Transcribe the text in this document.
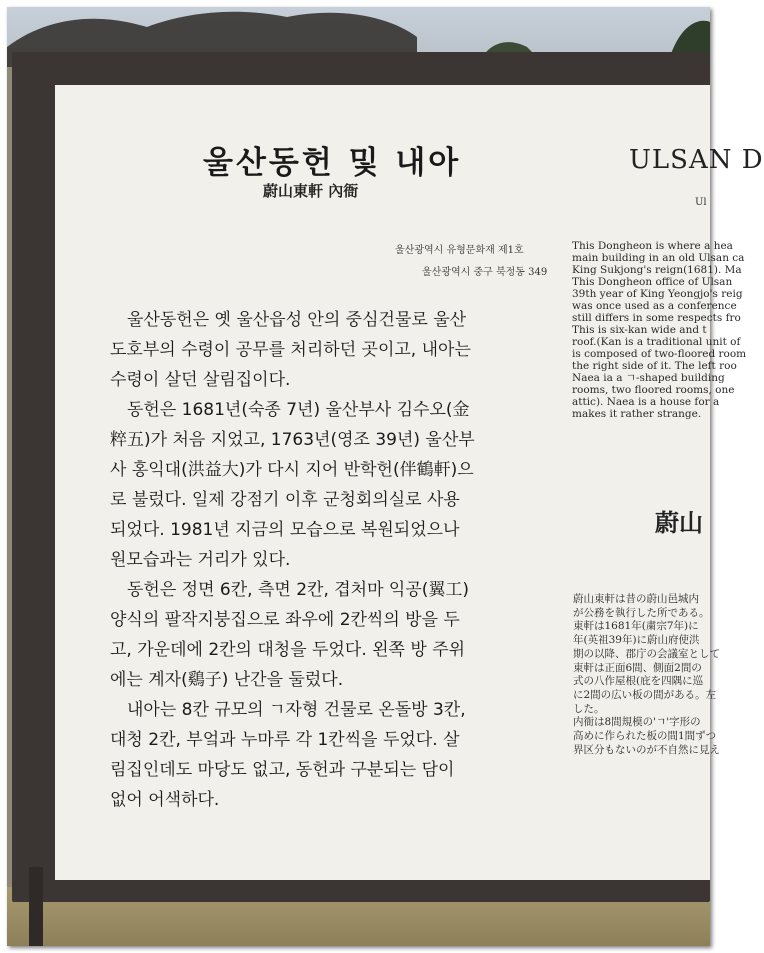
울산동헌 및 내아
蔚山東軒 內衙
울산광역시 유형문화재 제1호
울산광역시 중구 북정동 349

울산동헌은 옛 울산읍성 안의 중심건물로 울산

도호부의 수령이 공무를 처리하던 곳이고, 내아는

수령이 살던 살림집이다.

동헌은 1681년(숙종 7년) 울산부사 김수오(金

粹五)가 처음 지었고, 1763년(영조 39년) 울산부

사 홍익대(洪益大)가 다시 지어 반학헌(伴鶴軒)으

로 불렀다. 일제 강점기 이후 군청회의실로 사용

되었다. 1981년 지금의 모습으로 복원되었으나

원모습과는 거리가 있다.

동헌은 정면 6칸, 측면 2칸, 겹처마 익공(翼工)

양식의 팔작지붕집으로 좌우에 2칸씩의 방을 두

고, 가운데에 2칸의 대청을 두었다. 왼쪽 방 주위

에는 계자(鷄子) 난간을 둘렀다.

내아는 8칸 규모의 ㄱ자형 건물로 온돌방 3칸,

대청 2칸, 부엌과 누마루 각 1칸씩을 두었다. 살

림집인데도 마당도 없고, 동헌과 구분되는 담이

없어 어색하다.

ULSAN D
Ul
This Dongheon is where a hea
main building in an old Ulsan ca
King Sukjong's reign(1681). Ma
This Dongheon office of Ulsan
39th year of King Yeongjo's reig
was once used as a conference
still differs in some respects fro
This is six-kan wide and t
roof.(Kan is a traditional unit of
is composed of two-floored room
the right side of it. The left roo
Naea ia a ㄱ-shaped building
rooms, two floored rooms, one
attic). Naea is a house for a
makes it rather strange.
蔚山
蔚山東軒は昔の蔚山邑城内
が公務を執行した所である。
東軒は1681年(粛宗7年)に
年(英祖39年)に蔚山府使洪
期の以降、郡庁の会議室として
東軒は正面6間、側面2間の
式の八作屋根(庇を四隅に巡
に2間の広い板の間がある。左
した。
内衙は8間規模の'ㄱ'字形の
高めに作られた板の間1間ずつ
界区分もないのが不自然に見え
